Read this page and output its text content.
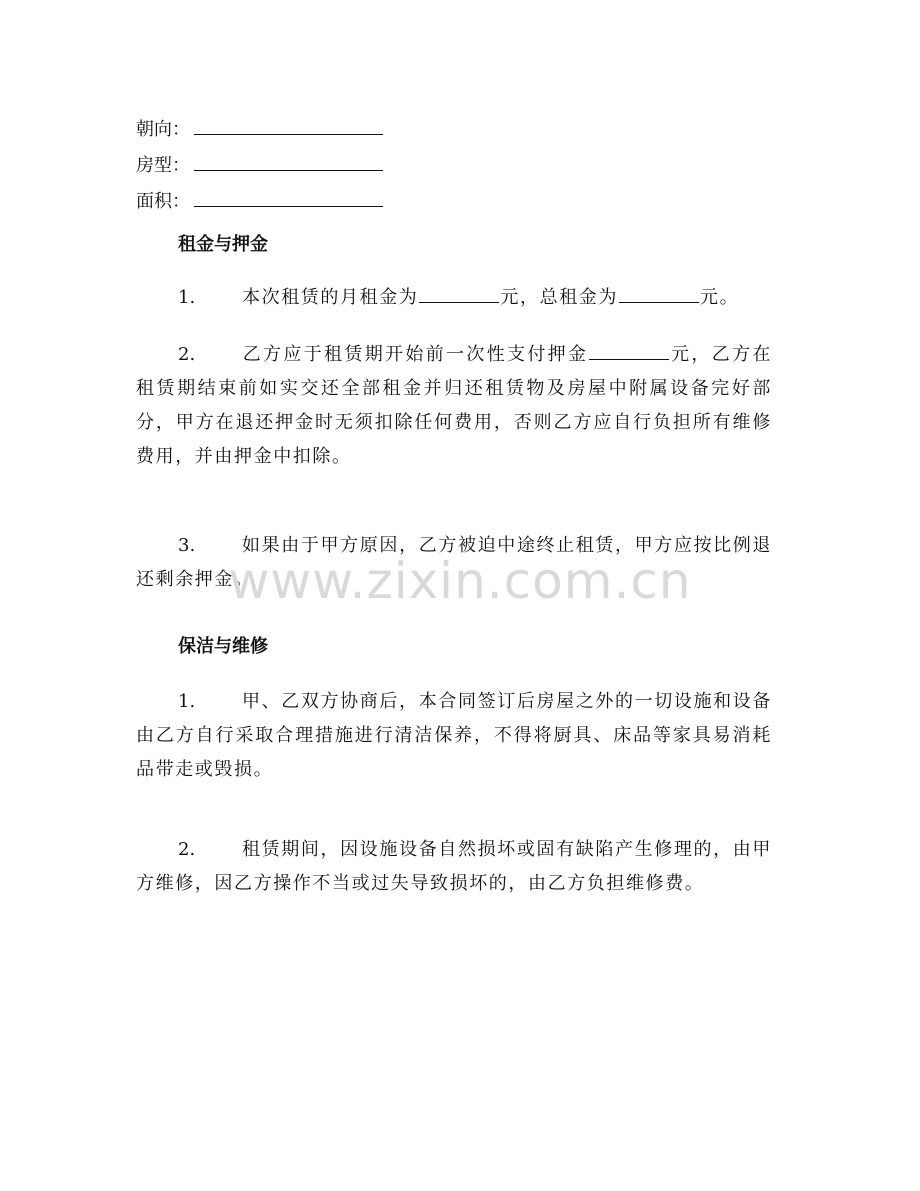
朝向：
房型：
面积：
租金与押金
1.	本次租赁的月租金为	元，总租金为	元。
2.	乙方应于租赁期开始前一次性支付押金	元，乙方在租赁期结束前如实交还全部租金并归还租赁物及房屋中附属设备完好部分，甲方在退还押金时无须扣除任何费用，否则乙方应自行负担所有维修费用，并由押金中扣除。
3.	如果由于甲方原因，乙方被迫中途终止租赁，甲方应按比例退还剩余押金。
保洁与维修
1.	甲、乙双方协商后，本合同签订后房屋之外的一切设施和设备由乙方自行采取合理措施进行清洁保养，不得将厨具、床品等家具易消耗品带走或毁损。
2.	租赁期间，因设施设备自然损坏或固有缺陷产生修理的，由甲方维修，因乙方操作不当或过失导致损坏的，由乙方负担维修费。
www.zixin.com.cn
